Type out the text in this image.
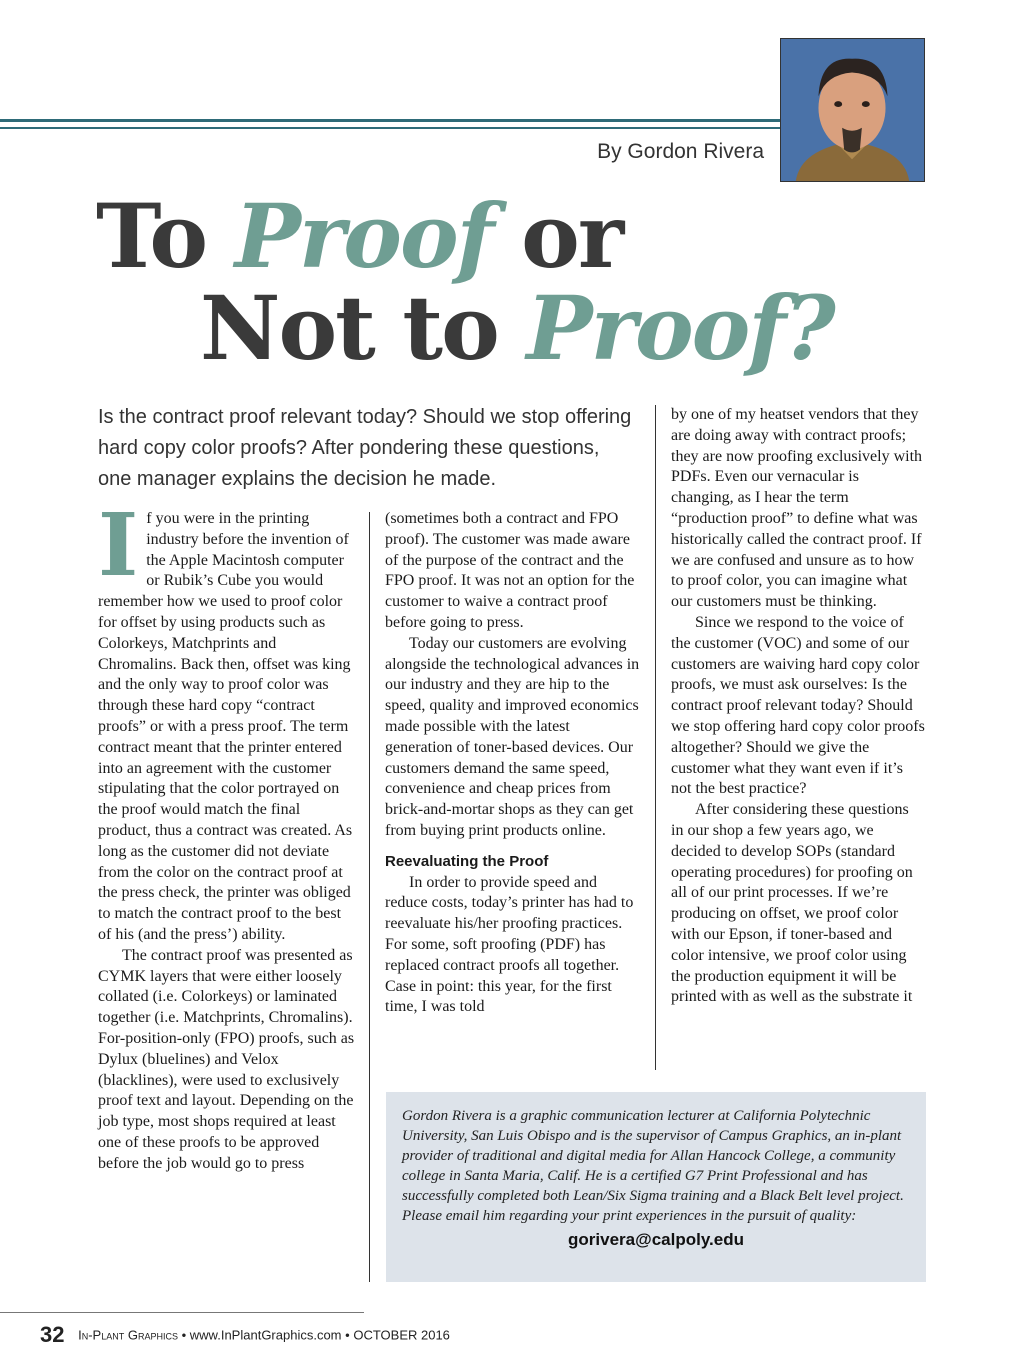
By Gordon Rivera
To Proof or
Not to Proof?
Is the contract proof relevant today? Should we stop offering hard copy color proofs? After pondering these questions, one manager explains the decision he made.
I f you were in the printing industry before the invention of the Apple Macintosh computer or Rubik’s Cube you would remember how we used to proof color for offset by using products such as Colorkeys, Matchprints and Chromalins. Back then, offset was king and the only way to proof color was through these hard copy “contract proofs” or with a press proof. The term contract meant that the printer entered into an agreement with the customer stipulating that the color portrayed on the proof would match the final product, thus a contract was created. As long as the customer did not deviate from the color on the contract proof at the press check, the printer was obliged to match the contract proof to the best of his (and the press’) ability.

The contract proof was presented as CYMK layers that were either loosely collated (i.e. Colorkeys) or laminated together (i.e. Matchprints, Chromalins). For-position-only (FPO) proofs, such as Dylux (bluelines) and Velox (blacklines), were used to exclusively proof text and layout. Depending on the job type, most shops required at least one of these proofs to be approved before the job would go to press

(sometimes both a contract and FPO proof). The customer was made aware of the purpose of the contract and the FPO proof. It was not an option for the customer to waive a contract proof before going to press.

Today our customers are evolving alongside the technological advances in our industry and they are hip to the speed, quality and improved economics made possible with the latest generation of toner-based devices. Our customers demand the same speed, convenience and cheap prices from brick-and-mortar shops as they can get from buying print products online.

Reevaluating the Proof

In order to provide speed and reduce costs, today’s printer has had to reevaluate his/her proofing practices. For some, soft proofing (PDF) has replaced contract proofs all together. Case in point: this year, for the first time, I was told

by one of my heatset vendors that they are doing away with contract proofs; they are now proofing exclusively with PDFs. Even our vernacular is changing, as I hear the term “production proof” to define what was historically called the contract proof. If we are confused and unsure as to how to proof color, you can imagine what our customers must be thinking.

Since we respond to the voice of the customer (VOC) and some of our customers are waiving hard copy color proofs, we must ask ourselves: Is the contract proof relevant today? Should we stop offering hard copy color proofs altogether? Should we give the customer what they want even if it’s not the best practice?

After considering these questions in our shop a few years ago, we decided to develop SOPs (standard operating procedures) for proofing on all of our print processes. If we’re producing on offset, we proof color with our Epson, if toner-based and color intensive, we proof color using the production equipment it will be printed with as well as the substrate it

Gordon Rivera is a graphic communication lecturer at California Polytechnic University, San Luis Obispo and is the supervisor of Campus Graphics, an in-plant provider of traditional and digital media for Allan Hancock College, a community college in Santa Maria, Calif. He is a certified G7 Print Professional and has successfully completed both Lean/Six Sigma training and a Black Belt level project. Please email him regarding your print experiences in the pursuit of quality:
gorivera@calpoly.edu
32 In-Plant Graphics • www.InPlantGraphics.com • OCTOBER 2016
